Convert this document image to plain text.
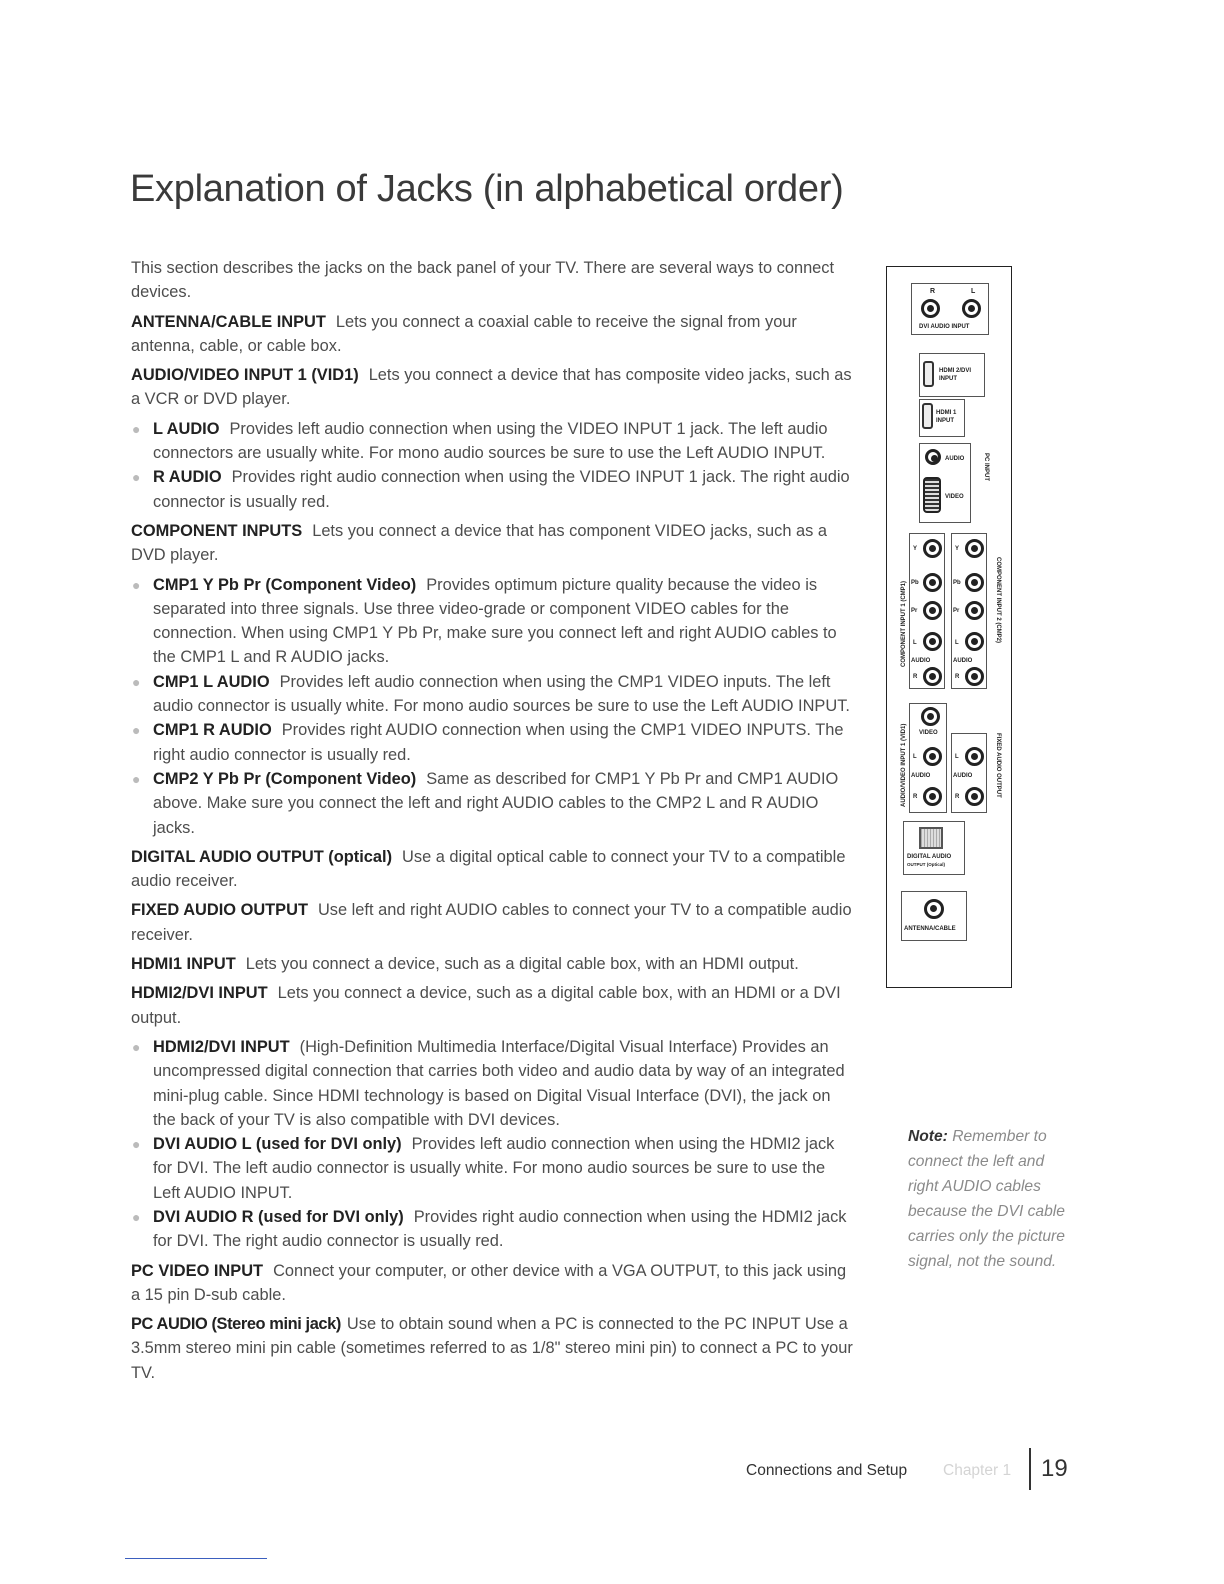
Explanation of Jacks (in alphabetical order)

This section describes the jacks on the back panel of your TV. There are several ways to connect devices.

ANTENNA/CABLE INPUT Lets you connect a coaxial cable to receive the signal from your antenna, cable, or cable box.

AUDIO/VIDEO INPUT 1 (VID1) Lets you connect a device that has composite video jacks, such as a VCR or DVD player.

● L AUDIO Provides left audio connection when using the VIDEO INPUT 1 jack. The left audio connectors are usually white. For mono audio sources be sure to use the Left AUDIO INPUT.

● R AUDIO Provides right audio connection when using the VIDEO INPUT 1 jack. The right audio connector is usually red.

COMPONENT INPUTS Lets you connect a device that has component VIDEO jacks, such as a DVD player.

● CMP1 Y Pb Pr (Component Video) Provides optimum picture quality because the video is separated into three signals. Use three video-grade or component VIDEO cables for the connection. When using CMP1 Y Pb Pr, make sure you connect left and right AUDIO cables to the CMP1 L and R AUDIO jacks.

● CMP1 L AUDIO Provides left audio connection when using the CMP1 VIDEO inputs. The left audio connector is usually white. For mono audio sources be sure to use the Left AUDIO INPUT.

● CMP1 R AUDIO Provides right AUDIO connection when using the CMP1 VIDEO INPUTS. The right audio connector is usually red.

● CMP2 Y Pb Pr (Component Video) Same as described for CMP1 Y Pb Pr and CMP1 AUDIO above. Make sure you connect the left and right AUDIO cables to the CMP2 L and R AUDIO jacks.

DIGITAL AUDIO OUTPUT (optical) Use a digital optical cable to connect your TV to a compatible audio receiver.

FIXED AUDIO OUTPUT Use left and right AUDIO cables to connect your TV to a compatible audio receiver.

HDMI1 INPUT Lets you connect a device, such as a digital cable box, with an HDMI output.

HDMI2/DVI INPUT Lets you connect a device, such as a digital cable box, with an HDMI or a DVI output.

● HDMI2/DVI INPUT (High-Definition Multimedia Interface/Digital Visual Interface) Provides an uncompressed digital connection that carries both video and audio data by way of an integrated mini-plug cable. Since HDMI technology is based on Digital Visual Interface (DVI), the jack on the back of your TV is also compatible with DVI devices.

● DVI AUDIO L (used for DVI only) Provides left audio connection when using the HDMI2 jack for DVI. The left audio connector is usually white. For mono audio sources be sure to use the Left AUDIO INPUT.

● DVI AUDIO R (used for DVI only) Provides right audio connection when using the HDMI2 jack for DVI. The right audio connector is usually red.

PC VIDEO INPUT Connect your computer, or other device with a VGA OUTPUT, to this jack using a 15 pin D-sub cable.

PC AUDIO (Stereo mini jack) Use to obtain sound when a PC is connected to the PC INPUT Use a 3.5mm stereo mini pin cable (sometimes referred to as 1/8" stereo mini pin) to connect a PC to your TV.

R	L
DVI AUDIO INPUT
HDMI 2/DVI
INPUT
HDMI 1
INPUT
AUDIO
VIDEO
PC INPUT
COMPONENT INPUT 1 (CMP1)	COMPONENT INPUT 2 (CMP2)
Y
Pb
Pr
L
AUDIO
R
Y
Pb
Pr
L
AUDIO
R
AUDIO/VIDEO INPUT 1 (VID1)	FIXED AUDIO OUTPUT
VIDEO
L
AUDIO
R
L
AUDIO
R
DIGITAL AUDIO
OUTPUT (Optical)
ANTENNA/CABLE
Note: Remember to connect the left and right AUDIO cables because the DVI cable carries only the picture signal, not the sound.
Connections and Setup Chapter 1 19
